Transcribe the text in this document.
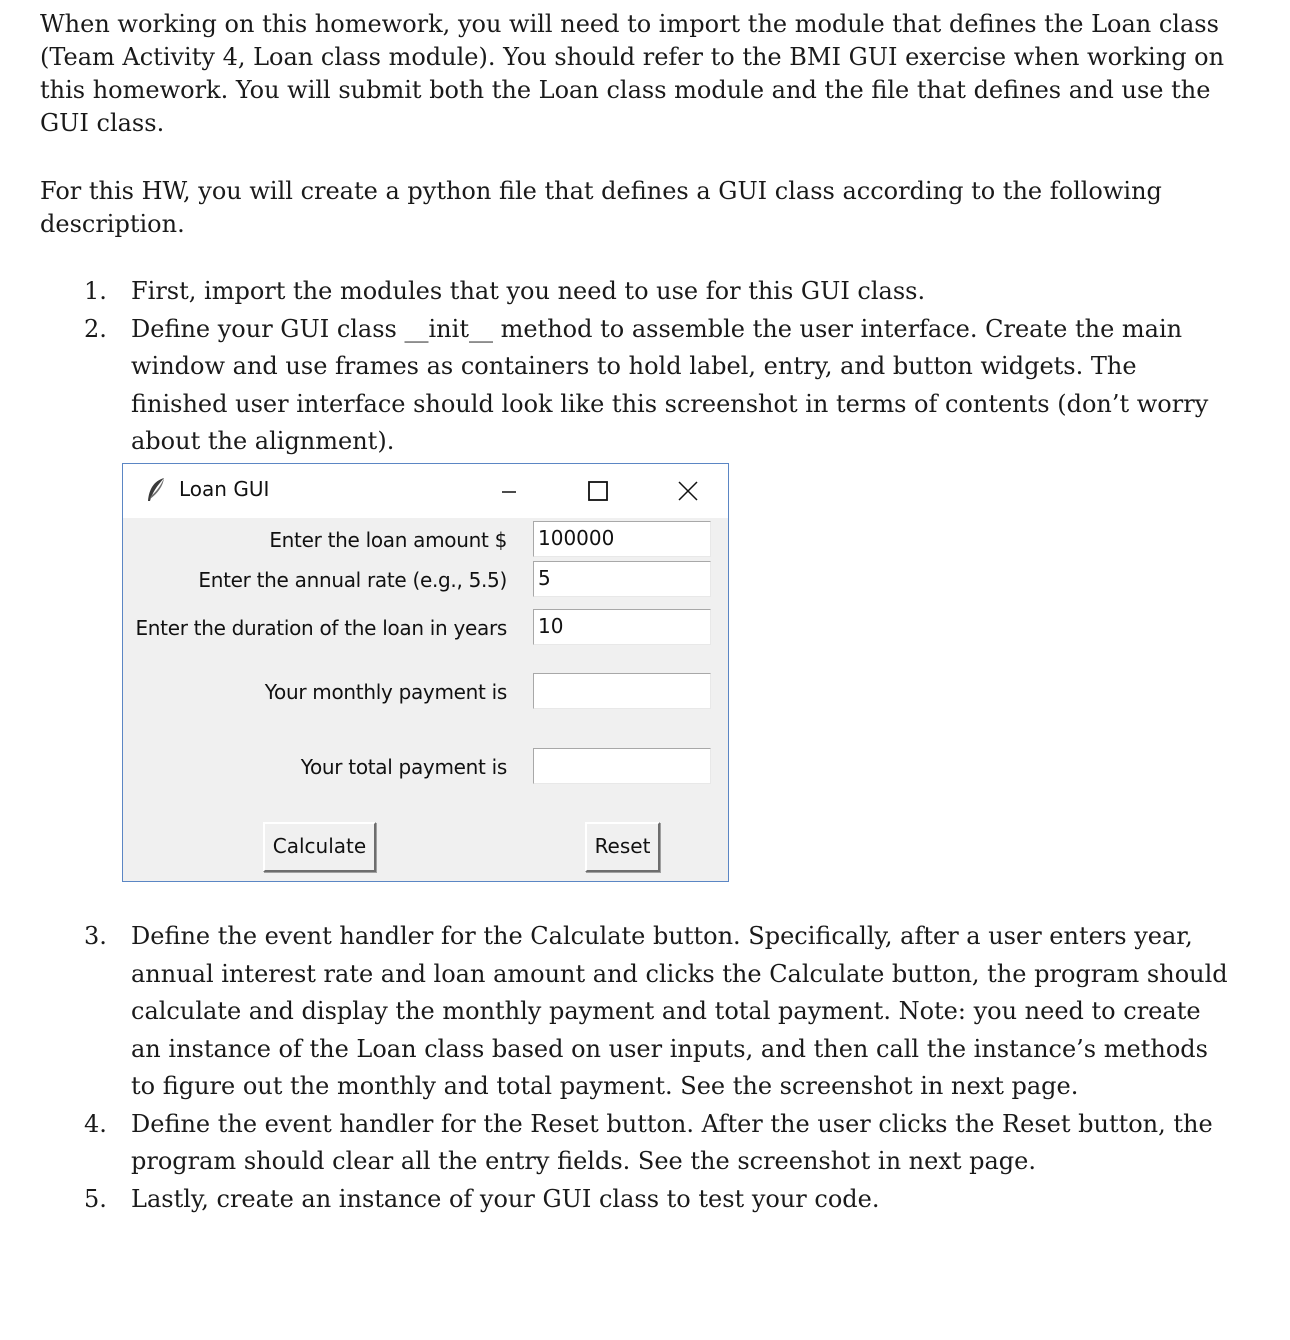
When working on this homework, you will need to import the module that defines the Loan class (Team Activity 4, Loan class module). You should refer to the BMI GUI exercise when working on this homework. You will submit both the Loan class module and the file that defines and use the GUI class.

For this HW, you will create a python file that defines a GUI class according to the following description.

1. First, import the modules that you need to use for this GUI class.
2. Define your GUI class __init__ method to assemble the user interface. Create the main window and use frames as containers to hold label, entry, and button widgets. The finished user interface should look like this screenshot in terms of contents (don’t worry about the alignment).
Loan GUI
Enter the loan amount $ 100000
Enter the annual rate (e.g., 5.5) 5
Enter the duration of the loan in years 10
Your monthly payment is
Your total payment is
Calculate	Reset
3. Define the event handler for the Calculate button. Specifically, after a user enters year, annual interest rate and loan amount and clicks the Calculate button, the program should calculate and display the monthly payment and total payment. Note: you need to create an instance of the Loan class based on user inputs, and then call the instance’s methods to figure out the monthly and total payment. See the screenshot in next page.
4. Define the event handler for the Reset button. After the user clicks the Reset button, the program should clear all the entry fields. See the screenshot in next page.
5. Lastly, create an instance of your GUI class to test your code.
